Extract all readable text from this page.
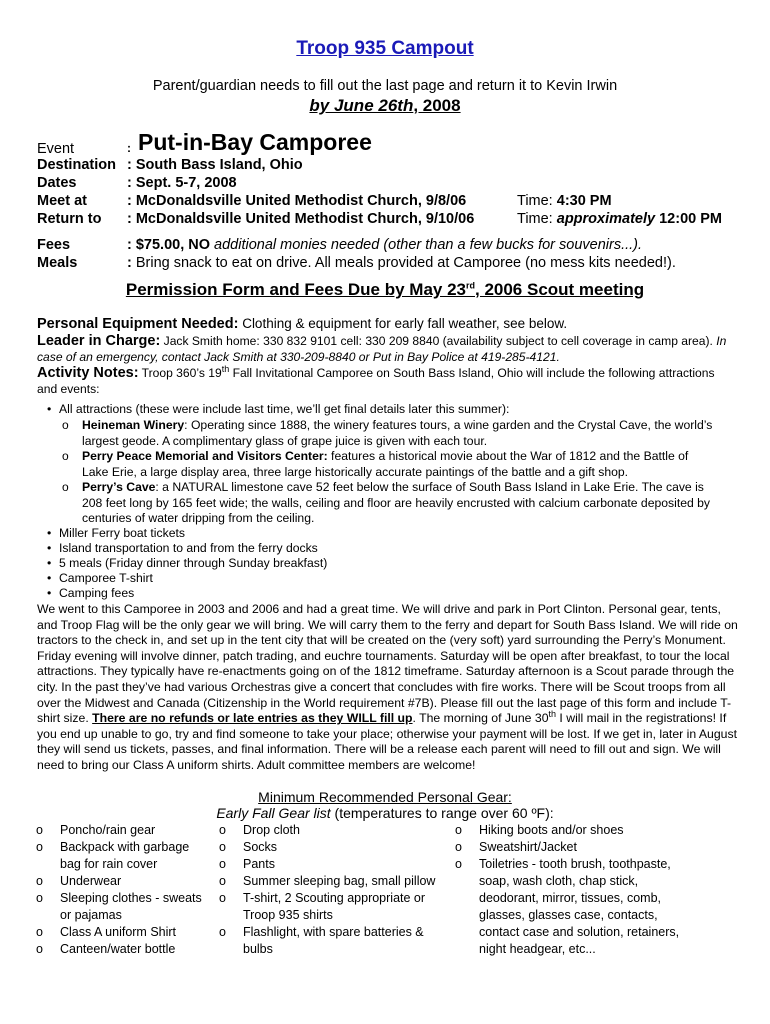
Troop 935 Campout
Parent/guardian needs to fill out the last page and return it to Kevin Irwin
by June 26th, 2008
Event	: Put-in-Bay Camporee
Destination : South Bass Island, Ohio
Dates	: Sept. 5-7, 2008
Meet at	: McDonaldsville United Methodist Church, 9/8/06	Time: 4:30 PM
Return to : McDonaldsville United Methodist Church, 9/10/06	Time: approximately 12:00 PM
Fees	: $75.00, NO additional monies needed (other than a few bucks for souvenirs...).
Meals	: Bring snack to eat on drive. All meals provided at Camporee (no mess kits needed!).
Permission Form and Fees Due by May 23rd, 2006 Scout meeting
Personal Equipment Needed: Clothing & equipment for early fall weather, see below.
Leader in Charge: Jack Smith home: 330 832 9101 cell: 330 209 8840 (availability subject to cell coverage in camp area). In case of an emergency, contact Jack Smith at 330-209-8840 or Put in Bay Police at 419-285-4121.
Activity Notes: Troop 360’s 19th Fall Invitational Camporee on South Bass Island, Ohio will include the following attractions and events:
• All attractions (these were include last time, we’ll get final details later this summer):
o Heineman Winery: Operating since 1888, the winery features tours, a wine garden and the Crystal Cave, the world’s
largest geode. A complimentary glass of grape juice is given with each tour.
o Perry Peace Memorial and Visitors Center: features a historical movie about the War of 1812 and the Battle of
Lake Erie, a large display area, three large historically accurate paintings of the battle and a gift shop.
o Perry’s Cave: a NATURAL limestone cave 52 feet below the surface of South Bass Island in Lake Erie. The cave is
208 feet long by 165 feet wide; the walls, ceiling and floor are heavily encrusted with calcium carbonate deposited by
centuries of water dripping from the ceiling.
• Miller Ferry boat tickets
• Island transportation to and from the ferry docks
• 5 meals (Friday dinner through Sunday breakfast)
• Camporee T-shirt
• Camping fees
We went to this Camporee in 2003 and 2006 and had a great time. We will drive and park in Port Clinton. Personal gear, tents, and Troop Flag will be the only gear we will bring. We will carry them to the ferry and depart for South Bass Island. We will ride on tractors to the check in, and set up in the tent city that will be created on the (very soft) yard surrounding the Perry’s Monument. Friday evening will involve dinner, patch trading, and euchre tournaments. Saturday will be open after breakfast, to tour the local attractions. They typically have re-enactments going on of the 1812 timeframe. Saturday afternoon is a Scout parade through the city. In the past they’ve had various Orchestras give a concert that concludes with fire works. There will be Scout troops from all over the Midwest and Canada (Citizenship in the World requirement #7B). Please fill out the last page of this form and include T-shirt size. There are no refunds or late entries as they WILL fill up. The morning of June 30th I will mail in the registrations! If you end up unable to go, try and find someone to take your place; otherwise your payment will be lost. If we get in, later in August they will send us tickets, passes, and final information. There will be a release each parent will need to fill out and sign. We will need to bring our Class A uniform shirts. Adult committee members are welcome!
Minimum Recommended Personal Gear:
Early Fall Gear list (temperatures to range over 60 ºF):
o Poncho/rain gear
o Backpack with garbage bag for rain cover
o Underwear
o Sleeping clothes - sweats or pajamas
o Class A uniform Shirt
o Canteen/water bottle
o Drop cloth
o Socks
o Pants
o Summer sleeping bag, small pillow
o T-shirt, 2 Scouting appropriate or Troop 935 shirts
o Flashlight, with spare batteries & bulbs
o Hiking boots and/or shoes
o Sweatshirt/Jacket
o Toiletries - tooth brush, toothpaste, soap, wash cloth, chap stick, deodorant, mirror, tissues, comb, glasses, glasses case, contacts, contact case and solution, retainers, night headgear, etc...
